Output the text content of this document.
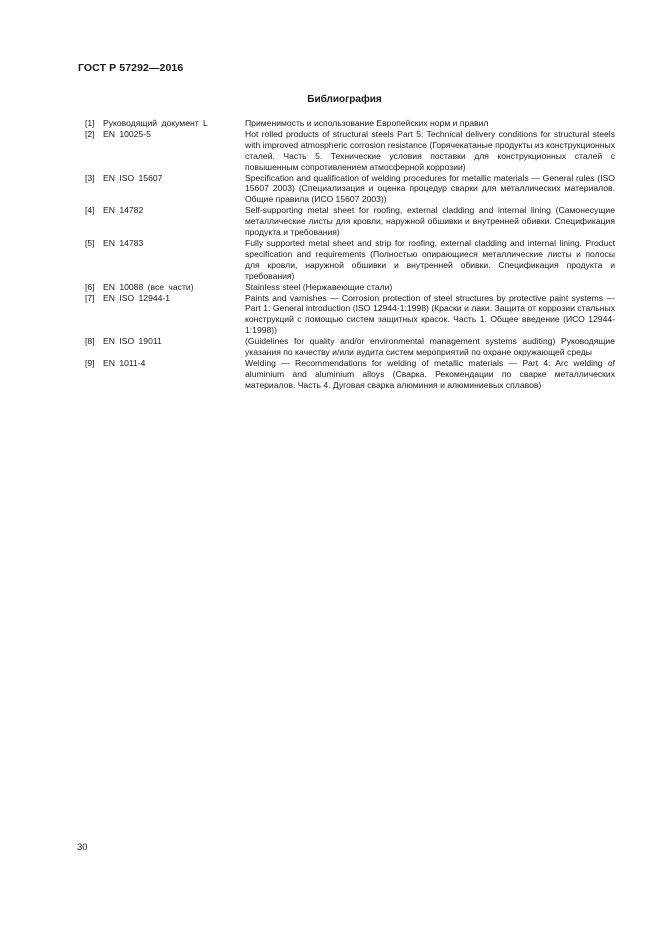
ГОСТ Р 57292—2016
Библиография
[1] Руководящий документ L	Применимость и использование Европейских норм и правил
[2] EN 10025-5	Hot rolled products of structural steels Part 5: Technical delivery conditions for structural steels with improved atmospheric corrosion resistance (Горячекатаные продукты из конструкционных сталей. Часть 5. Технические условия поставки для конструкционных сталей с повышенным сопротивлением атмосферной коррозии)
[3] EN ISO 15607	Specification and qualification of welding procedures for metallic materials — General rules (ISO 15607 2003) (Специализация и оценка процедур сварки для металлических материалов. Общие правила (ИСО 15607 2003))
[4] EN 14782	Self-supporting metal sheet for roofing, external cladding and internal lining (Самонесущие металлические листы для кровли, наружной обшивки и внутренней обивки. Спецификация продукта и требования)
[5] EN 14783	Fully supported metal sheet and strip for roofing, external cladding and internal lining. Product specification and requirements (Полностью опирающиеся металлические листы и полосы для кровли, наружной обшивки и внутренней обивки. Спецификация продукта и требования)
[6] EN 10088 (все части)	Stainless steel (Нержавеющие стали)
[7] EN ISO 12944-1	Paints and varnishes — Corrosion protection of steel structures by protective paint systems — Part 1: General introduction (ISO 12944-1:1998) (Краски и лаки. Защита от коррозии стальных конструкций с помощью систем защитных красок. Часть 1. Общее введение (ИСО 12944-1:1998))
[8] EN ISO 19011	(Guidelines for quality and/or environmental management systems auditing) Руководящие указания по качеству и/или аудита систем мероприятий по охране окружающей среды
[9] EN 1011-4	Welding — Recommendations for welding of metallic materials — Part 4: Arc welding of aluminium and aluminium alloys (Сварка. Рекомендации по сварке металлических материалов. Часть 4. Дуговая сварка алюминия и алюминиевых сплавов)
30
